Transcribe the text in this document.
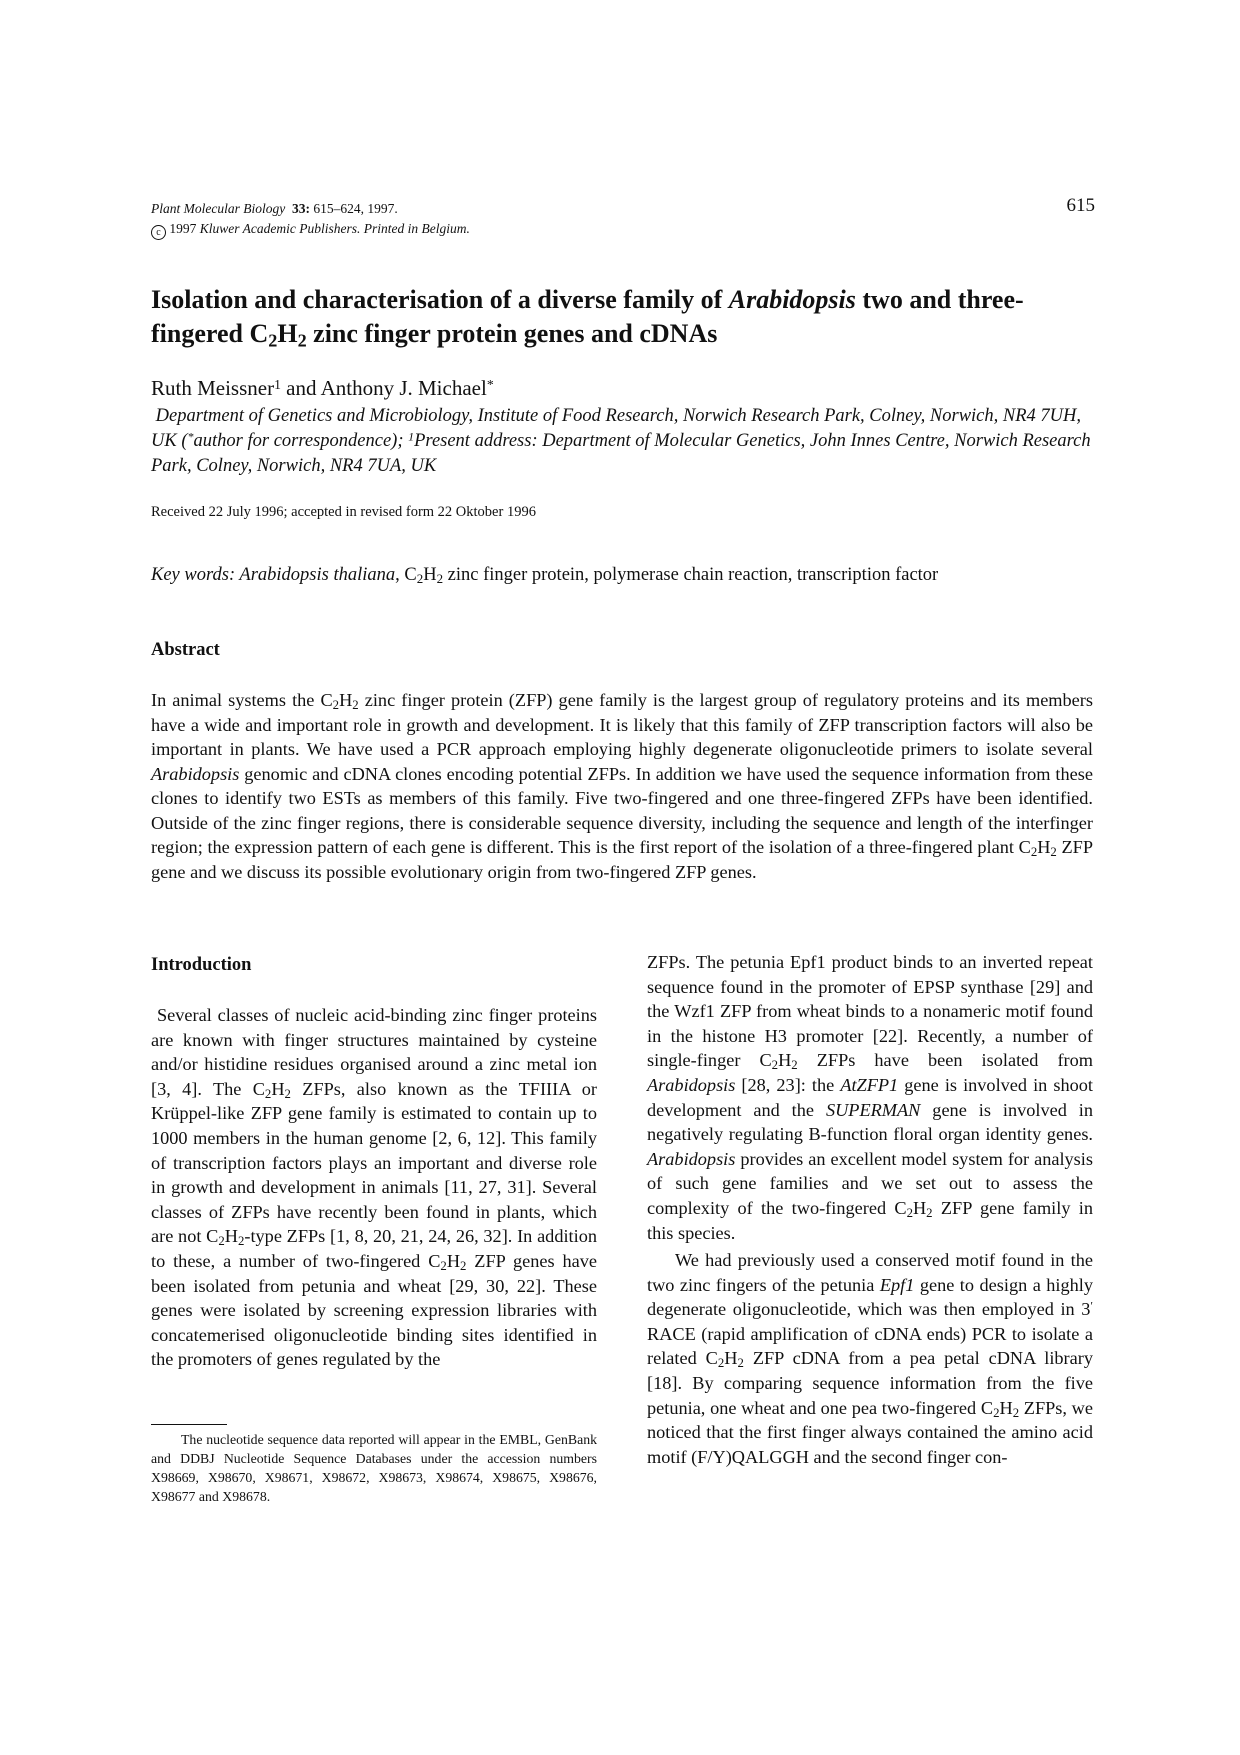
Plant Molecular Biology 33: 615–624, 1997.
c 1997 Kluwer Academic Publishers. Printed in Belgium.
615
Isolation and characterisation of a diverse family of Arabidopsis two and three-fingered $C_2H_2$ zinc finger protein genes and cDNAs
Ruth Meissner$^1$ and Anthony J. Michael*
Department of Genetics and Microbiology, Institute of Food Research, Norwich Research Park, Colney, Norwich, NR4 7UH, UK (*author for correspondence); $^1$Present address: Department of Molecular Genetics, John Innes Centre, Norwich Research Park, Colney, Norwich, NR4 7UA, UK
Received 22 July 1996; accepted in revised form 22 Oktober 1996
Key words: Arabidopsis thaliana, $C_2H_2$ zinc finger protein, polymerase chain reaction, transcription factor
Abstract
In animal systems the $C_2H_2$ zinc finger protein (ZFP) gene family is the largest group of regulatory proteins and its members have a wide and important role in growth and development. It is likely that this family of ZFP transcription factors will also be important in plants. We have used a PCR approach employing highly degenerate oligonucleotide primers to isolate several Arabidopsis genomic and cDNA clones encoding potential ZFPs. In addition we have used the sequence information from these clones to identify two ESTs as members of this family. Five two-fingered and one three-fingered ZFPs have been identified. Outside of the zinc finger regions, there is considerable sequence diversity, including the sequence and length of the interfinger region; the expression pattern of each gene is different. This is the first report of the isolation of a three-fingered plant $C_2H_2$ ZFP gene and we discuss its possible evolutionary origin from two-fingered ZFP genes.
Introduction
Several classes of nucleic acid-binding zinc finger proteins are known with finger structures maintained by cysteine and/or histidine residues organised around a zinc metal ion [3, 4]. The $C_2H_2$ ZFPs, also known as the TFIIIA or Krüppel-like ZFP gene family is estimated to contain up to 1000 members in the human genome [2, 6, 12]. This family of transcription factors plays an important and diverse role in growth and development in animals [11, 27, 31]. Several classes of ZFPs have recently been found in plants, which are not $C_2H_2$-type ZFPs [1, 8, 20, 21, 24, 26, 32]. In addition to these, a number of two-fingered $C_2H_2$ ZFP genes have been isolated from petunia and wheat [29, 30, 22]. These genes were isolated by screening expression libraries with concatemerised oligonucleotide binding sites identified in the promoters of genes regulated by the
The nucleotide sequence data reported will appear in the EMBL, GenBank and DDBJ Nucleotide Sequence Databases under the accession numbers X98669, X98670, X98671, X98672, X98673, X98674, X98675, X98676, X98677 and X98678.
ZFPs. The petunia Epf1 product binds to an inverted repeat sequence found in the promoter of EPSP synthase [29] and the Wzf1 ZFP from wheat binds to a nonameric motif found in the histone H3 promoter [22]. Recently, a number of single-finger $C_2H_2$ ZFPs have been isolated from Arabidopsis [28, 23]: the AtZFP1 gene is involved in shoot development and the SUPERMAN gene is involved in negatively regulating B-function floral organ identity genes. Arabidopsis provides an excellent model system for analysis of such gene families and we set out to assess the complexity of the two-fingered $C_2H_2$ ZFP gene family in this species.
We had previously used a conserved motif found in the two zinc fingers of the petunia Epf1 gene to design a highly degenerate oligonucleotide, which was then employed in 3′ RACE (rapid amplification of cDNA ends) PCR to isolate a related $C_2H_2$ ZFP cDNA from a pea petal cDNA library [18]. By comparing sequence information from the five petunia, one wheat and one pea two-fingered $C_2H_2$ ZFPs, we noticed that the first finger always contained the amino acid motif (F/Y)QALGGH and the second finger con-
